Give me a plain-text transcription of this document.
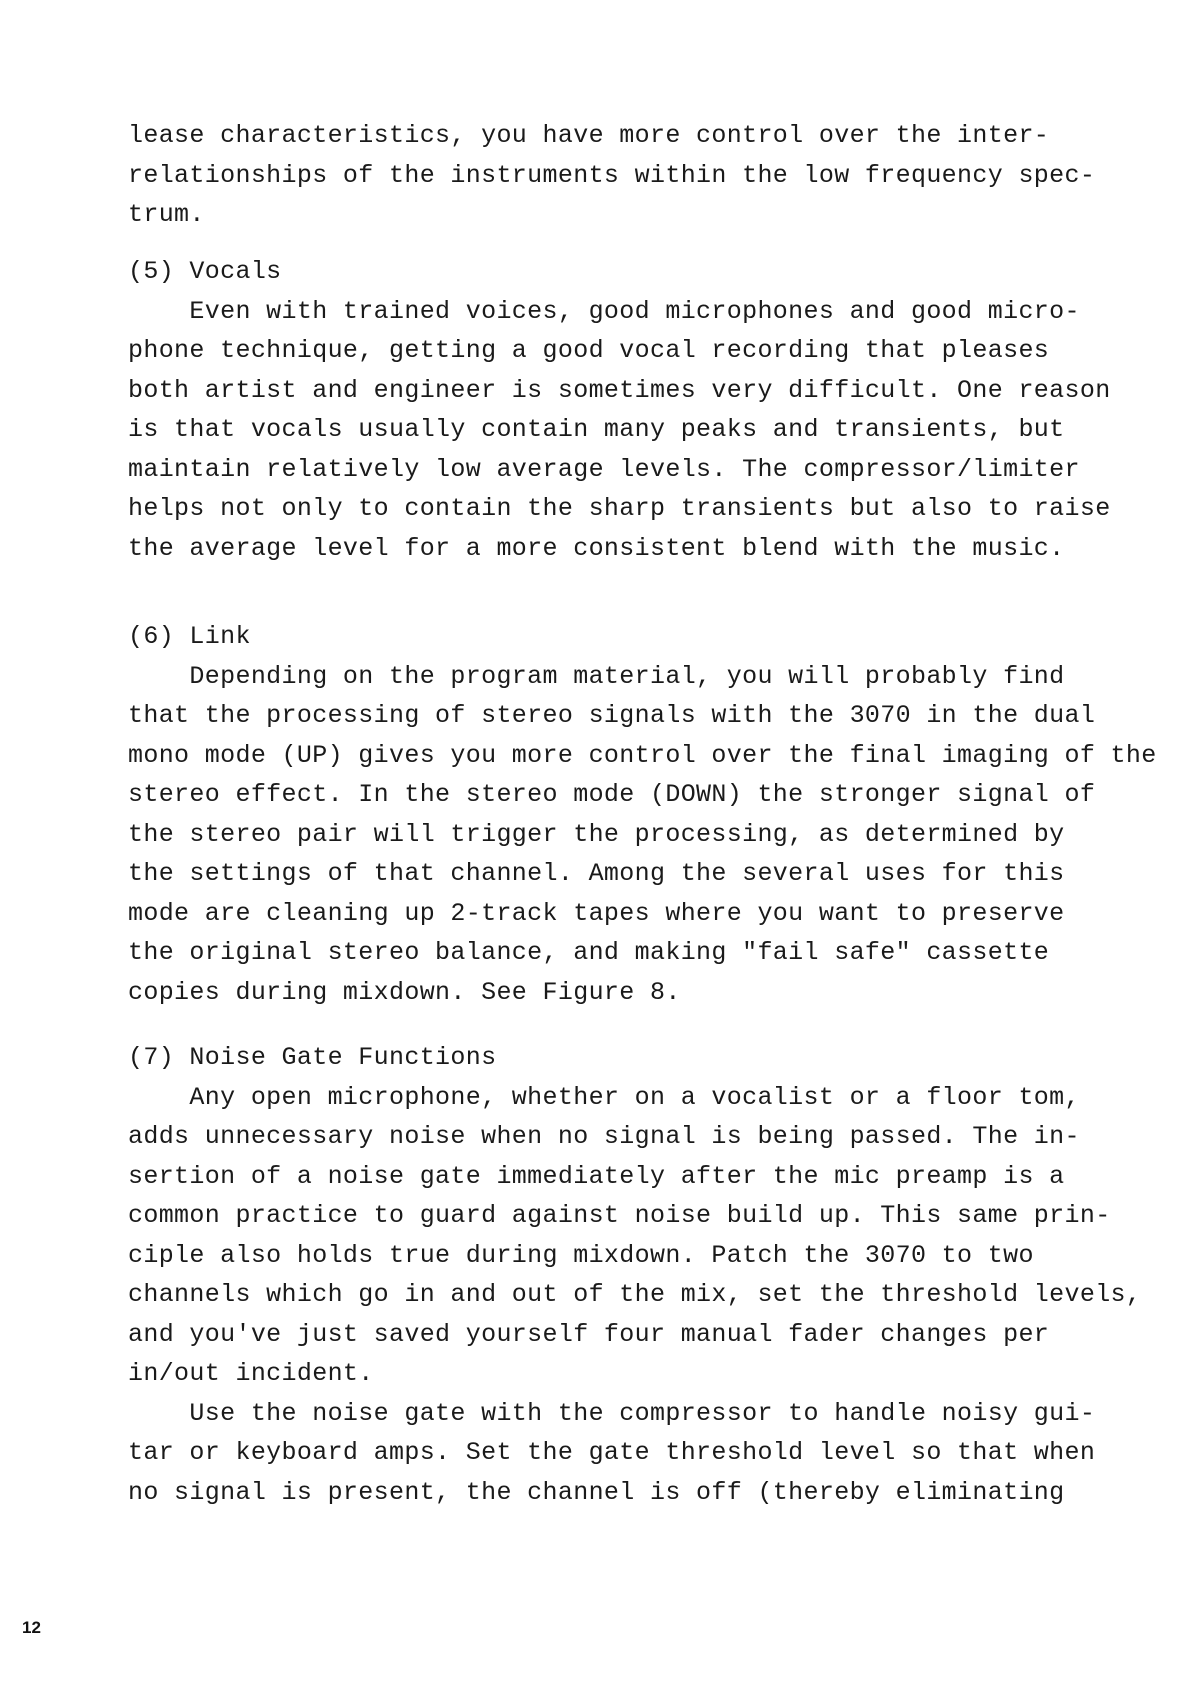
lease characteristics, you have more control over the inter-
relationships of the instruments within the low frequency spec-
trum.
(5) Vocals
Even with trained voices, good microphones and good micro-
phone technique, getting a good vocal recording that pleases
both artist and engineer is sometimes very difficult. One reason
is that vocals usually contain many peaks and transients, but
maintain relatively low average levels. The compressor/limiter
helps not only to contain the sharp transients but also to raise
the average level for a more consistent blend with the music.
(6) Link
Depending on the program material, you will probably find
that the processing of stereo signals with the 3070 in the dual
mono mode (UP) gives you more control over the final imaging of the
stereo effect. In the stereo mode (DOWN) the stronger signal of
the stereo pair will trigger the processing, as determined by
the settings of that channel. Among the several uses for this
mode are cleaning up 2-track tapes where you want to preserve
the original stereo balance, and making "fail safe" cassette
copies during mixdown. See Figure 8.
(7) Noise Gate Functions
Any open microphone, whether on a vocalist or a floor tom,
adds unnecessary noise when no signal is being passed. The in-
sertion of a noise gate immediately after the mic preamp is a
common practice to guard against noise build up. This same prin-
ciple also holds true during mixdown. Patch the 3070 to two
channels which go in and out of the mix, set the threshold levels,
and you've just saved yourself four manual fader changes per
in/out incident.
Use the noise gate with the compressor to handle noisy gui-
tar or keyboard amps. Set the gate threshold level so that when
no signal is present, the channel is off (thereby eliminating
12
